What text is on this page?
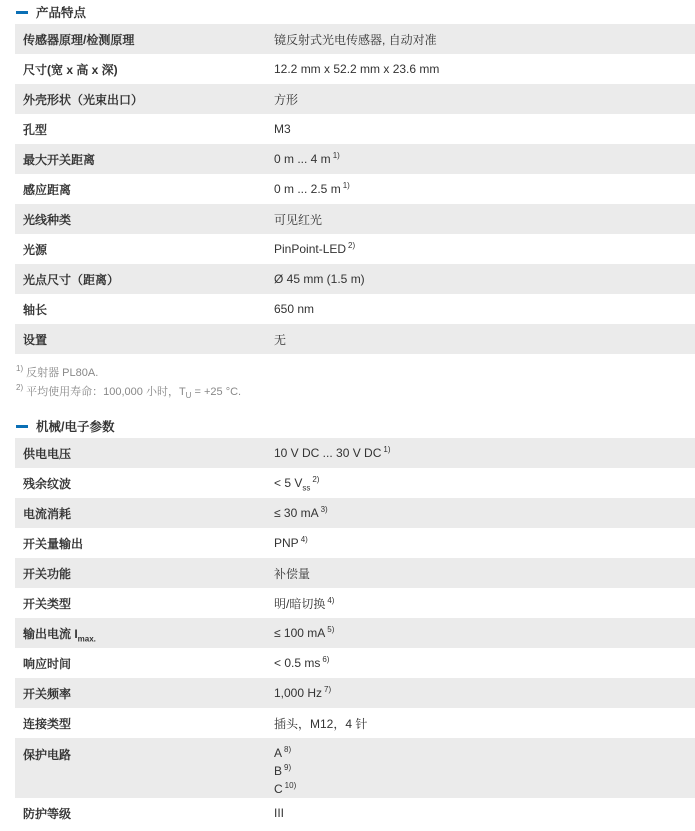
产品特点
传感器原理/检测原理	镜反射式光电传感器, 自动对准
尺寸(宽 x 高 x 深)	12.2 mm x 52.2 mm x 23.6 mm
外壳形状（光束出口）	方形
孔型	M3
最大开关距离	0 m ... 4 m $^{1)}$
感应距离	0 m ... 2.5 m $^{1)}$
光线种类	可见红光
光源	PinPoint-LED $^{2)}$
光点尺寸（距离）	Ø 45 mm (1.5 m)
轴长	650 nm
设置	无
$^{1)}$ 反射器 PL80A.
$^{2)}$ 平均使用寿命：100,000 小时，$T_U = +25$ °C.
机械/电子参数
供电电压	10 V DC ... 30 V DC $^{1)}$
残余纹波	< 5 $V_{ss}^{2)}$
电流消耗	≤ 30 mA $^{3)}$
开关量输出	PNP $^{4)}$
开关功能	补偿量
开关类型	明/暗切换 $^{4)}$
输出电流 $I_{max.}$	≤ 100 mA $^{5)}$
响应时间	< 0.5 ms $^{6)}$
开关频率	1,000 Hz $^{7)}$
连接类型	插头，M12，4 针
保护电路	A $^{8)}$
B $^{9)}$
C $^{10)}$

防护等级	III
